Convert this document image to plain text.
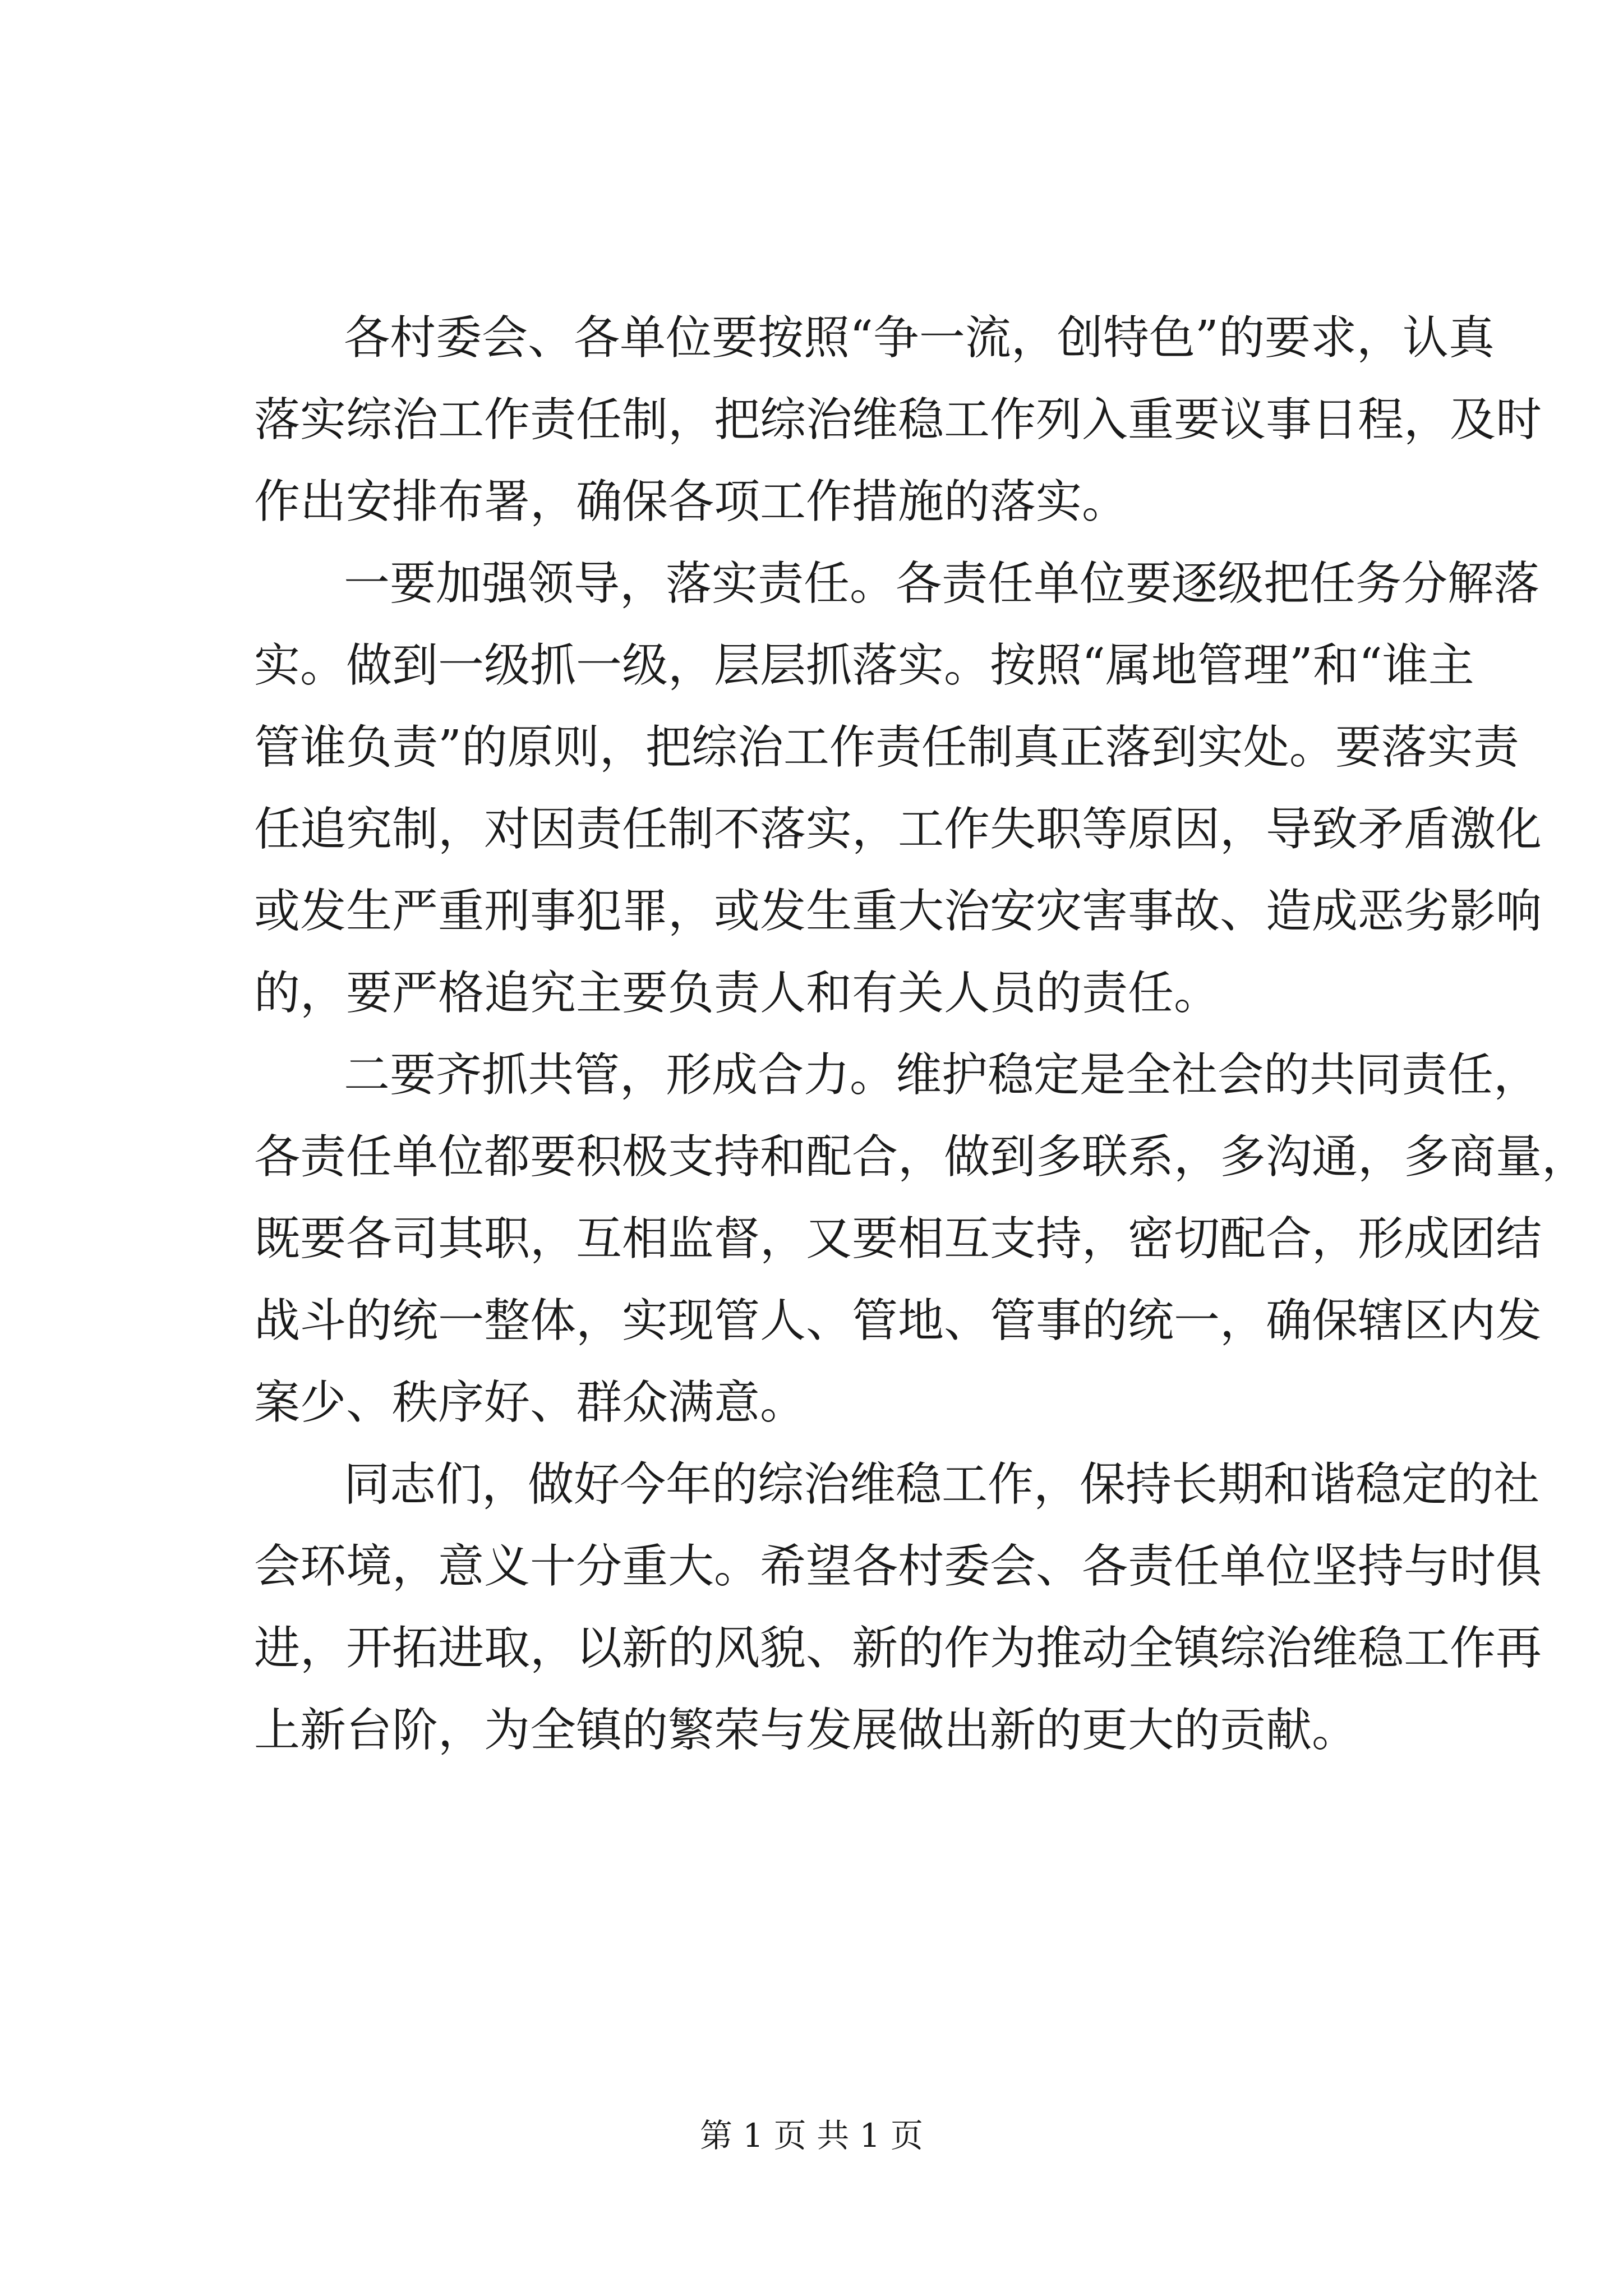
各村委会、各单位要按照“争一流，创特色”的要求，认真
落实综治工作责任制，把综治维稳工作列入重要议事日程，及时
作出安排布署，确保各项工作措施的落实。
一要加强领导，落实责任。各责任单位要逐级把任务分解落
实。做到一级抓一级，层层抓落实。按照“属地管理”和“谁主
管谁负责”的原则，把综治工作责任制真正落到实处。要落实责
任追究制，对因责任制不落实，工作失职等原因，导致矛盾激化
或发生严重刑事犯罪，或发生重大治安灾害事故、造成恶劣影响
的，要严格追究主要负责人和有关人员的责任。
二要齐抓共管，形成合力。维护稳定是全社会的共同责任，
各责任单位都要积极支持和配合，做到多联系，多沟通，多商量，
既要各司其职，互相监督，又要相互支持，密切配合，形成团结
战斗的统一整体，实现管人、管地、管事的统一，确保辖区内发
案少、秩序好、群众满意。
同志们，做好今年的综治维稳工作，保持长期和谐稳定的社
会环境，意义十分重大。希望各村委会、各责任单位坚持与时俱
进，开拓进取，以新的风貌、新的作为推动全镇综治维稳工作再
上新台阶，为全镇的繁荣与发展做出新的更大的贡献。
第 1 页 共 1 页
